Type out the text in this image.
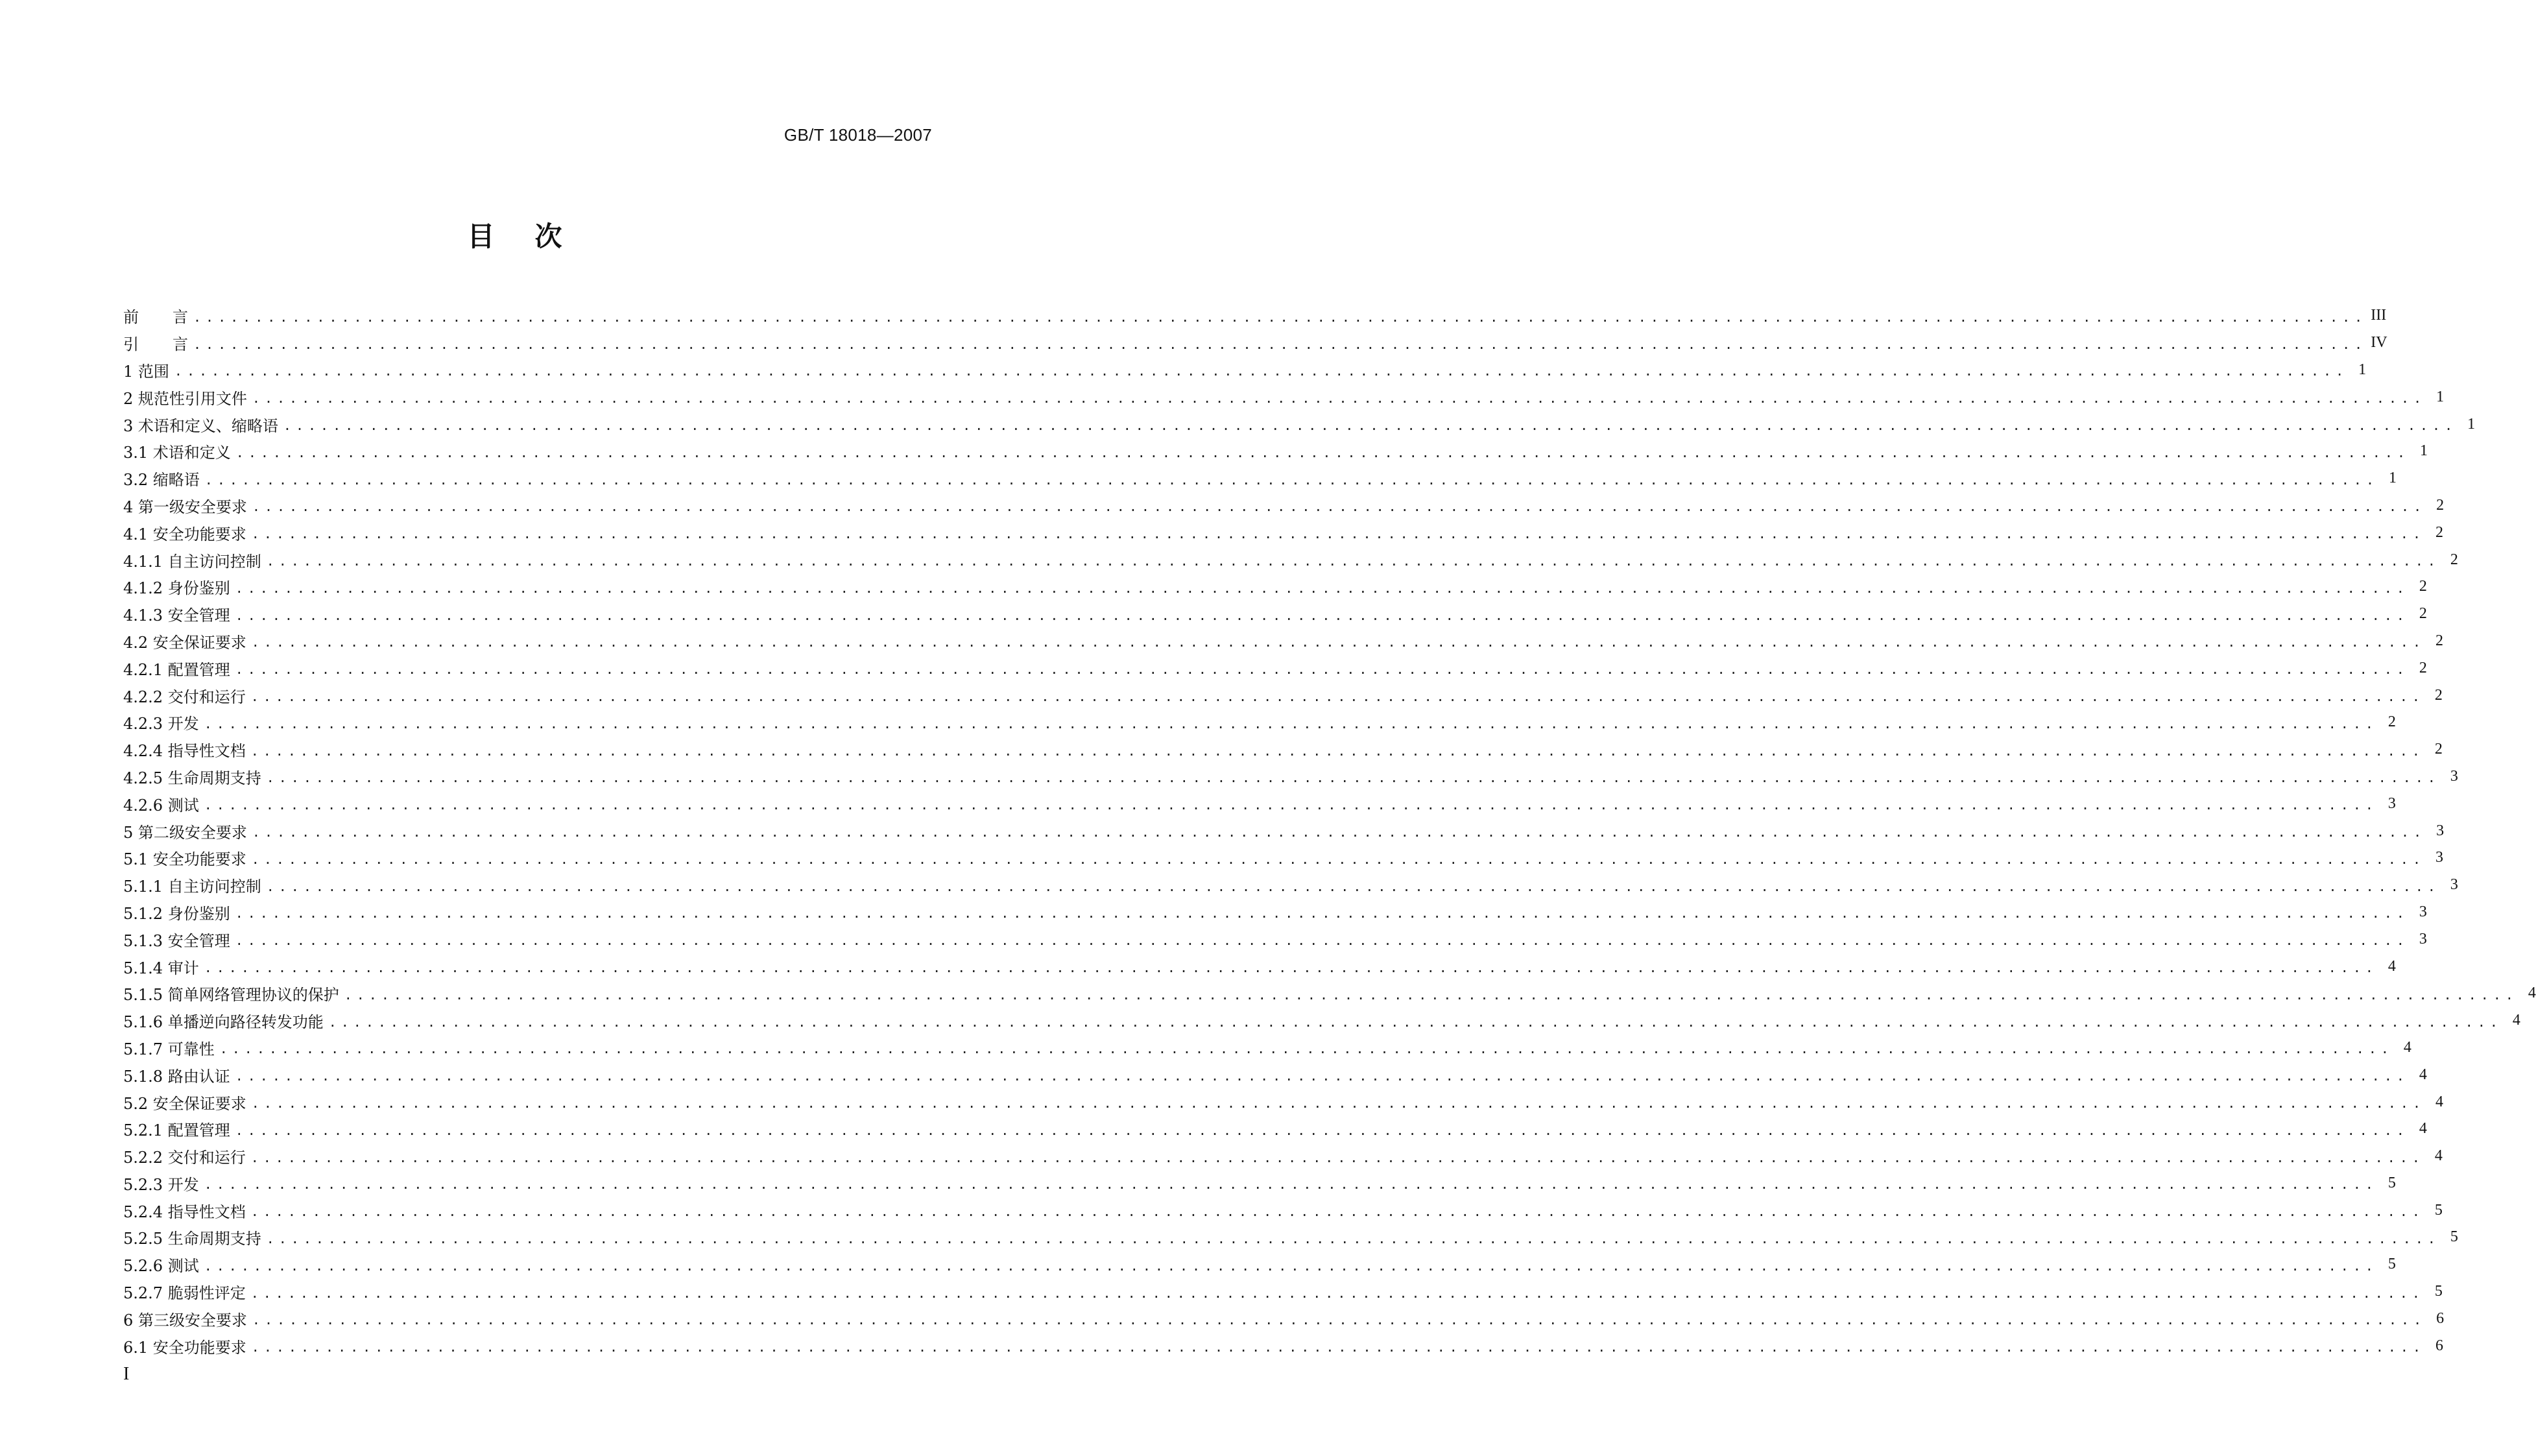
GB/T 18018—2007
目 次
前 言 ................................................................................................................................................................................ III
引 言 ................................................................................................................................................................................ IV
1 范围 ................................................................................................................................................................................ 1
2 规范性引用文件 ................................................................................................................................................................................ 1
3 术语和定义、缩略语 ................................................................................................................................................................................ 1
3.1 术语和定义 ................................................................................................................................................................................ 1
3.2 缩略语 ................................................................................................................................................................................ 1
4 第一级安全要求 ................................................................................................................................................................................ 2
4.1 安全功能要求 ................................................................................................................................................................................ 2
4.1.1 自主访问控制 ................................................................................................................................................................................ 2
4.1.2 身份鉴别 ................................................................................................................................................................................ 2
4.1.3 安全管理 ................................................................................................................................................................................ 2
4.2 安全保证要求 ................................................................................................................................................................................ 2
4.2.1 配置管理 ................................................................................................................................................................................ 2
4.2.2 交付和运行 ................................................................................................................................................................................ 2
4.2.3 开发 ................................................................................................................................................................................ 2
4.2.4 指导性文档 ................................................................................................................................................................................ 2
4.2.5 生命周期支持 ................................................................................................................................................................................ 3
4.2.6 测试 ................................................................................................................................................................................ 3
5 第二级安全要求 ................................................................................................................................................................................ 3
5.1 安全功能要求 ................................................................................................................................................................................ 3
5.1.1 自主访问控制 ................................................................................................................................................................................ 3
5.1.2 身份鉴别 ................................................................................................................................................................................ 3
5.1.3 安全管理 ................................................................................................................................................................................ 3
5.1.4 审计 ................................................................................................................................................................................ 4
5.1.5 简单网络管理协议的保护 ................................................................................................................................................................................ 4
5.1.6 单播逆向路径转发功能 ................................................................................................................................................................................ 4
5.1.7 可靠性 ................................................................................................................................................................................ 4
5.1.8 路由认证 ................................................................................................................................................................................ 4
5.2 安全保证要求 ................................................................................................................................................................................ 4
5.2.1 配置管理 ................................................................................................................................................................................ 4
5.2.2 交付和运行 ................................................................................................................................................................................ 4
5.2.3 开发 ................................................................................................................................................................................ 5
5.2.4 指导性文档 ................................................................................................................................................................................ 5
5.2.5 生命周期支持 ................................................................................................................................................................................ 5
5.2.6 测试 ................................................................................................................................................................................ 5
5.2.7 脆弱性评定 ................................................................................................................................................................................ 5
6 第三级安全要求 ................................................................................................................................................................................ 6
6.1 安全功能要求 ................................................................................................................................................................................ 6
I
